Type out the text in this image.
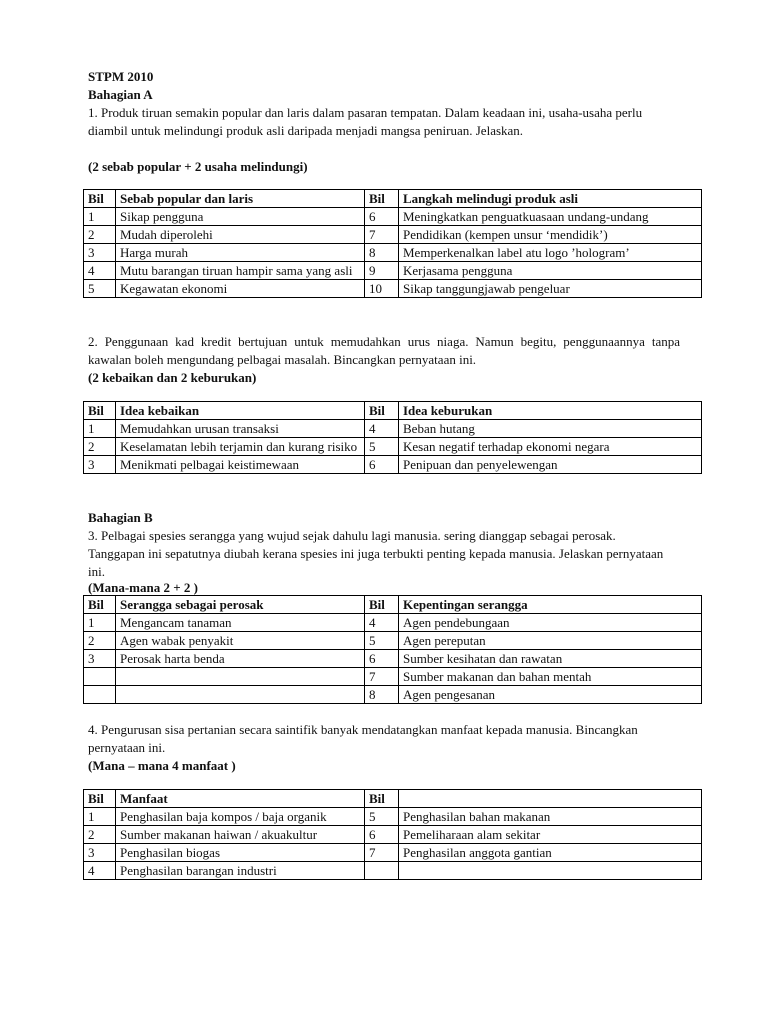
STPM 2010
Bahagian A
1. Produk tiruan semakin popular dan laris dalam pasaran tempatan. Dalam keadaan ini, usaha-usaha perlu diambil untuk melindungi produk asli daripada menjadi mangsa peniruan. Jelaskan.
(2 sebab popular + 2 usaha melindungi)
Bil	Sebab popular dan laris	Bil	Langkah melindugi produk asli
1	Sikap pengguna	6	Meningkatkan penguatkuasaan undang-undang
2	Mudah diperolehi	7	Pendidikan (kempen unsur ‘mendidik’)
3	Harga murah	8	Memperkenalkan label atu logo ’hologram’
4	Mutu barangan tiruan hampir sama yang asli	9	Kerjasama pengguna
5	Kegawatan ekonomi	10	Sikap tanggungjawab pengeluar
2. Penggunaan kad kredit bertujuan untuk memudahkan urus niaga. Namun begitu, penggunaannya tanpa kawalan boleh mengundang pelbagai masalah. Bincangkan pernyataan ini.
(2 kebaikan dan 2 keburukan)
Bil	Idea kebaikan	Bil	Idea keburukan
1	Memudahkan urusan transaksi	4	Beban hutang
2	Keselamatan lebih terjamin dan kurang risiko	5	Kesan negatif terhadap ekonomi negara
3	Menikmati pelbagai keistimewaan	6	Penipuan dan penyelewengan
Bahagian B
3. Pelbagai spesies serangga yang wujud sejak dahulu lagi manusia. sering dianggap sebagai perosak. Tanggapan ini sepatutnya diubah kerana spesies ini juga terbukti penting kepada manusia. Jelaskan pernyataan ini.
(Mana-mana 2 + 2 )
Bil	Serangga sebagai perosak	Bil	Kepentingan serangga
1	Mengancam tanaman	4	Agen pendebungaan
2	Agen wabak penyakit	5	Agen pereputan
3	Perosak harta benda	6	Sumber kesihatan dan rawatan
		7	Sumber makanan dan bahan mentah
		8	Agen pengesanan
4. Pengurusan sisa pertanian secara saintifik banyak mendatangkan manfaat kepada manusia. Bincangkan pernyataan ini.
(Mana – mana 4 manfaat )
Bil	Manfaat	Bil	
1	Penghasilan baja kompos / baja organik	5	Penghasilan bahan makanan
2	Sumber makanan haiwan / akuakultur	6	Pemeliharaan alam sekitar
3	Penghasilan biogas	7	Penghasilan anggota gantian
4	Penghasilan barangan industri		
